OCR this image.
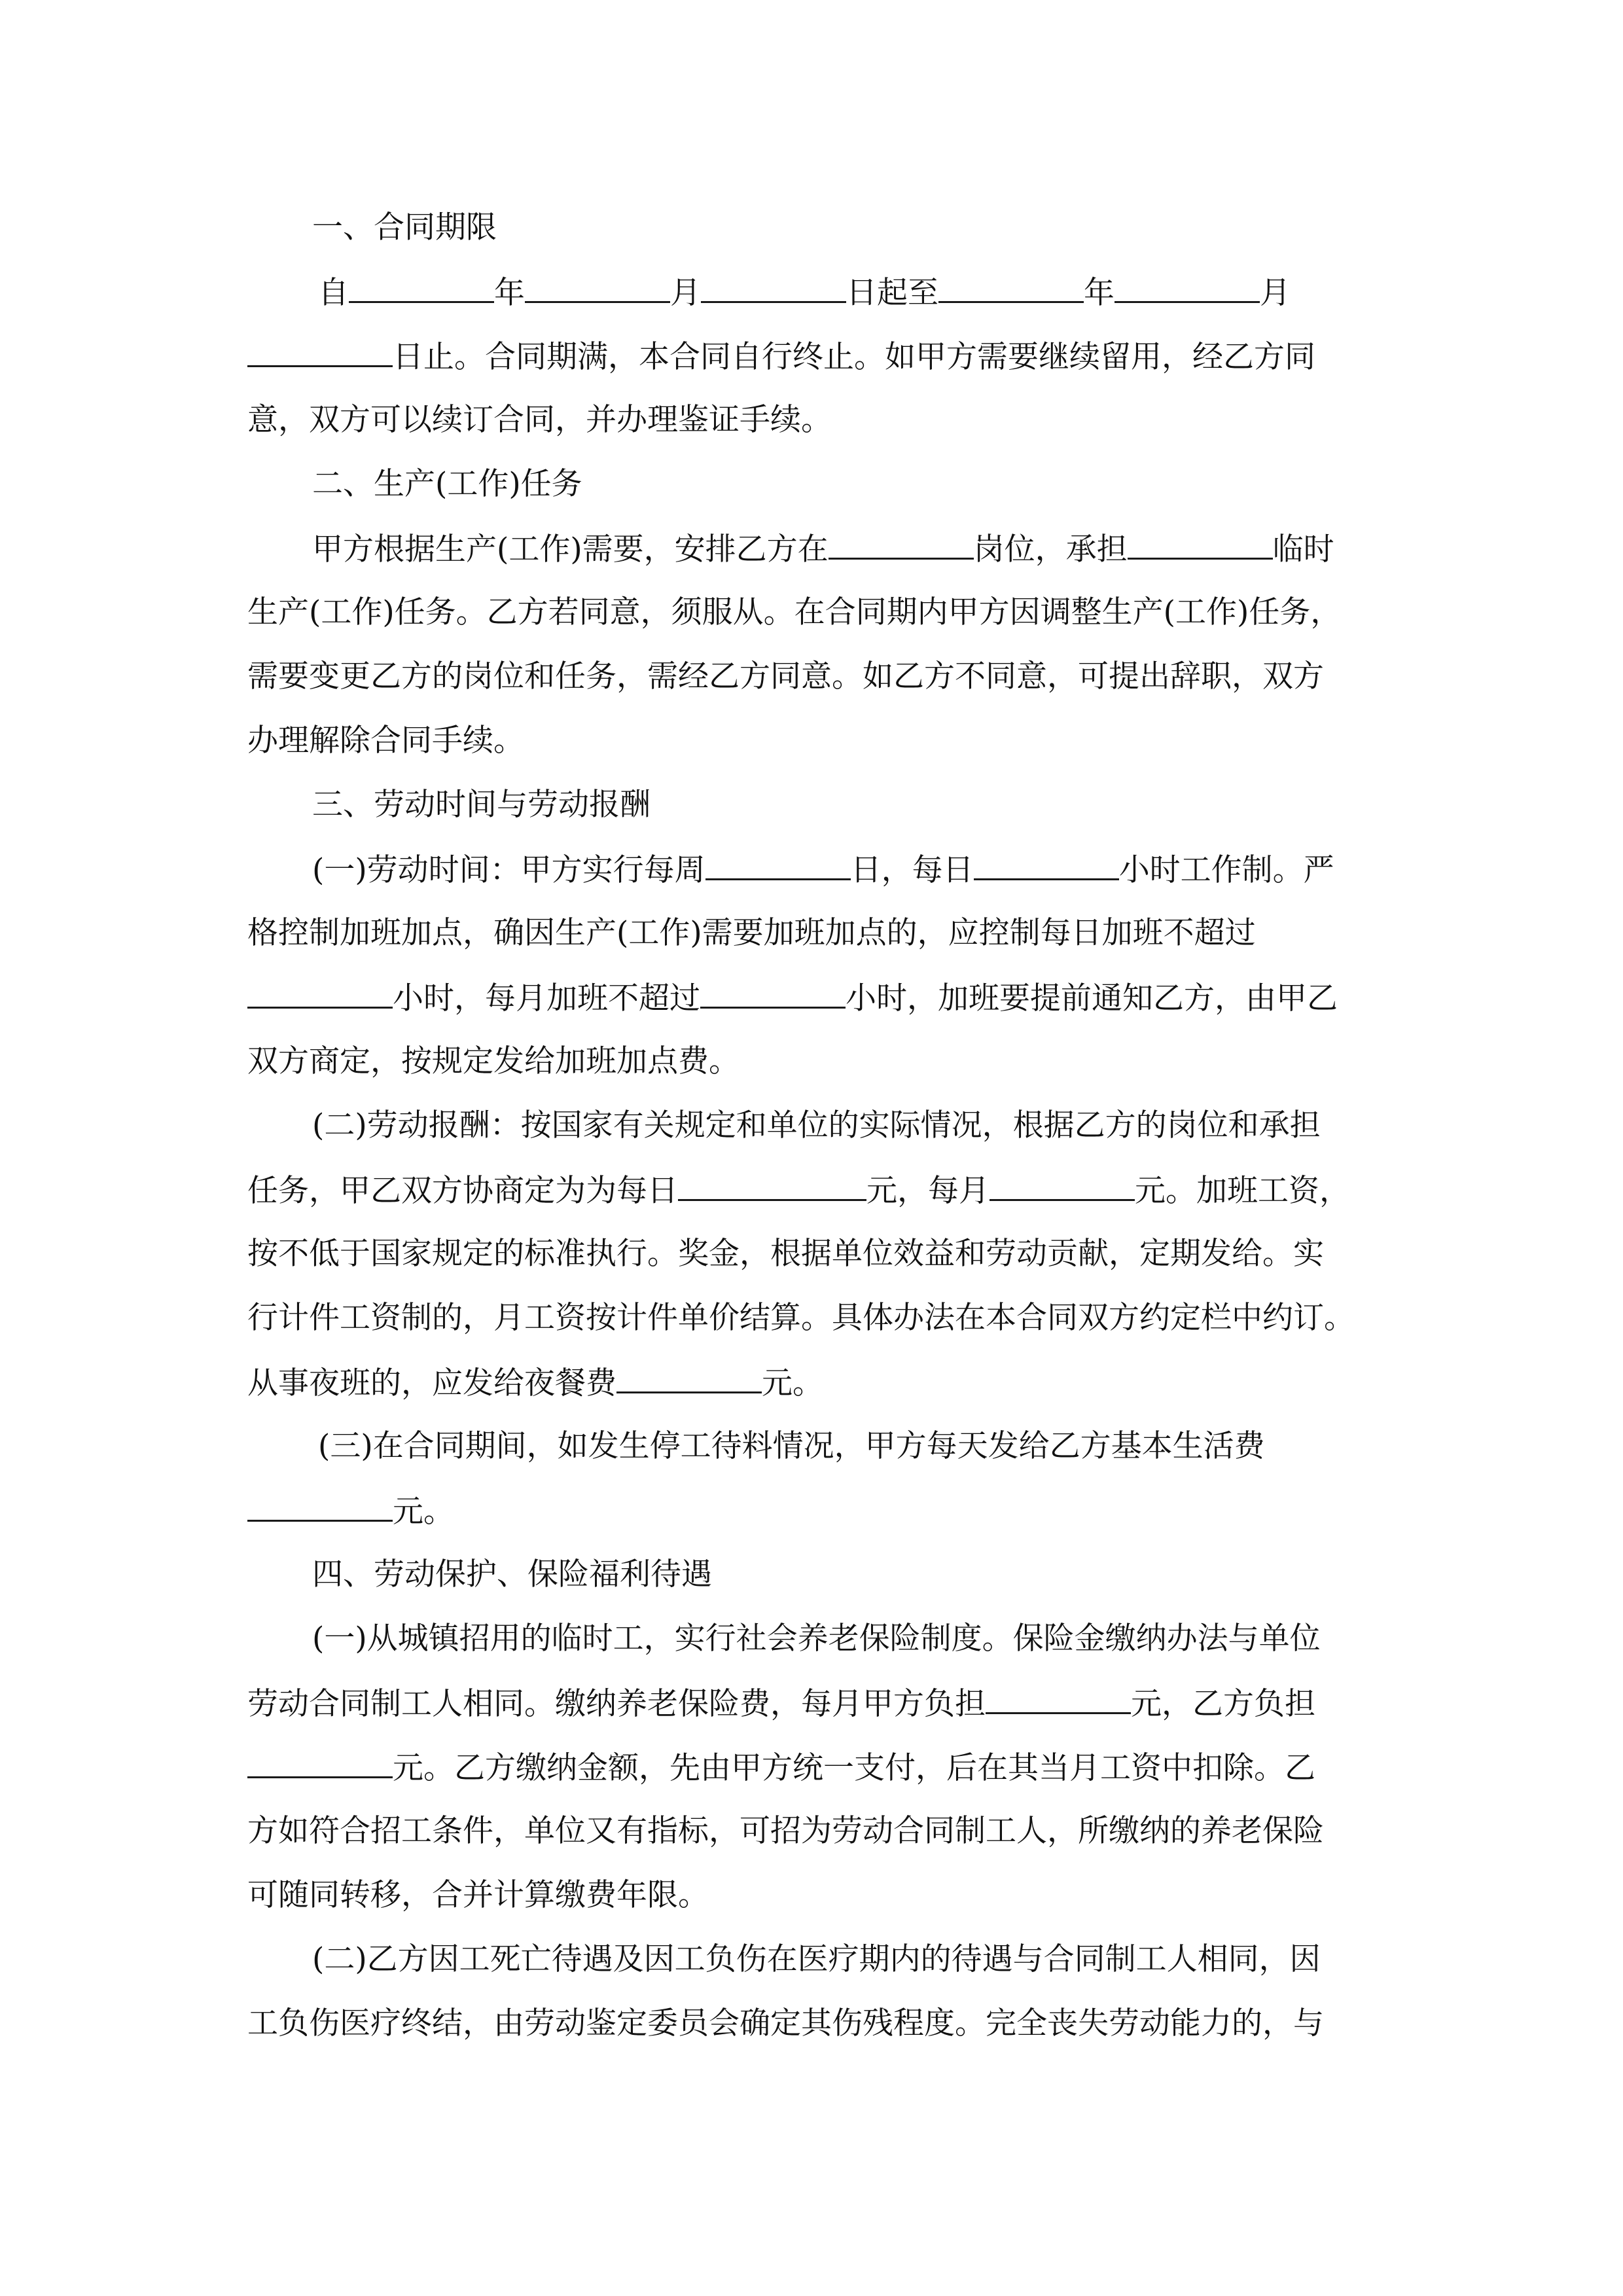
一、合同期限
自	年	月	日起至	年	月
日止。合同期满，本合同自行终止。如甲方需要继续留用，经乙方同
意，双方可以续订合同，并办理鉴证手续。
二、生产(工作)任务
甲方根据生产(工作)需要，安排乙方在	岗位，承担	临时
生产(工作)任务。乙方若同意，须服从。在合同期内甲方因调整生产(工作)任务，
需要变更乙方的岗位和任务，需经乙方同意。如乙方不同意，可提出辞职，双方
办理解除合同手续。
三、劳动时间与劳动报酬
(一)劳动时间：甲方实行每周	日，每日	小时工作制。严
格控制加班加点，确因生产(工作)需要加班加点的，应控制每日加班不超过
小时，每月加班不超过	小时，加班要提前通知乙方，由甲乙
双方商定，按规定发给加班加点费。
(二)劳动报酬：按国家有关规定和单位的实际情况，根据乙方的岗位和承担
任务，甲乙双方协商定为为每日	元，每月	元。加班工资，
按不低于国家规定的标准执行。奖金，根据单位效益和劳动贡献，定期发给。实
行计件工资制的，月工资按计件单价结算。具体办法在本合同双方约定栏中约订。
从事夜班的，应发给夜餐费	元。
(三)在合同期间，如发生停工待料情况，甲方每天发给乙方基本生活费
元。
四、劳动保护、保险福利待遇
(一)从城镇招用的临时工，实行社会养老保险制度。保险金缴纳办法与单位
劳动合同制工人相同。缴纳养老保险费，每月甲方负担	元，乙方负担
元。乙方缴纳金额，先由甲方统一支付，后在其当月工资中扣除。乙
方如符合招工条件，单位又有指标，可招为劳动合同制工人，所缴纳的养老保险
可随同转移，合并计算缴费年限。
(二)乙方因工死亡待遇及因工负伤在医疗期内的待遇与合同制工人相同，因
工负伤医疗终结，由劳动鉴定委员会确定其伤残程度。完全丧失劳动能力的，与
